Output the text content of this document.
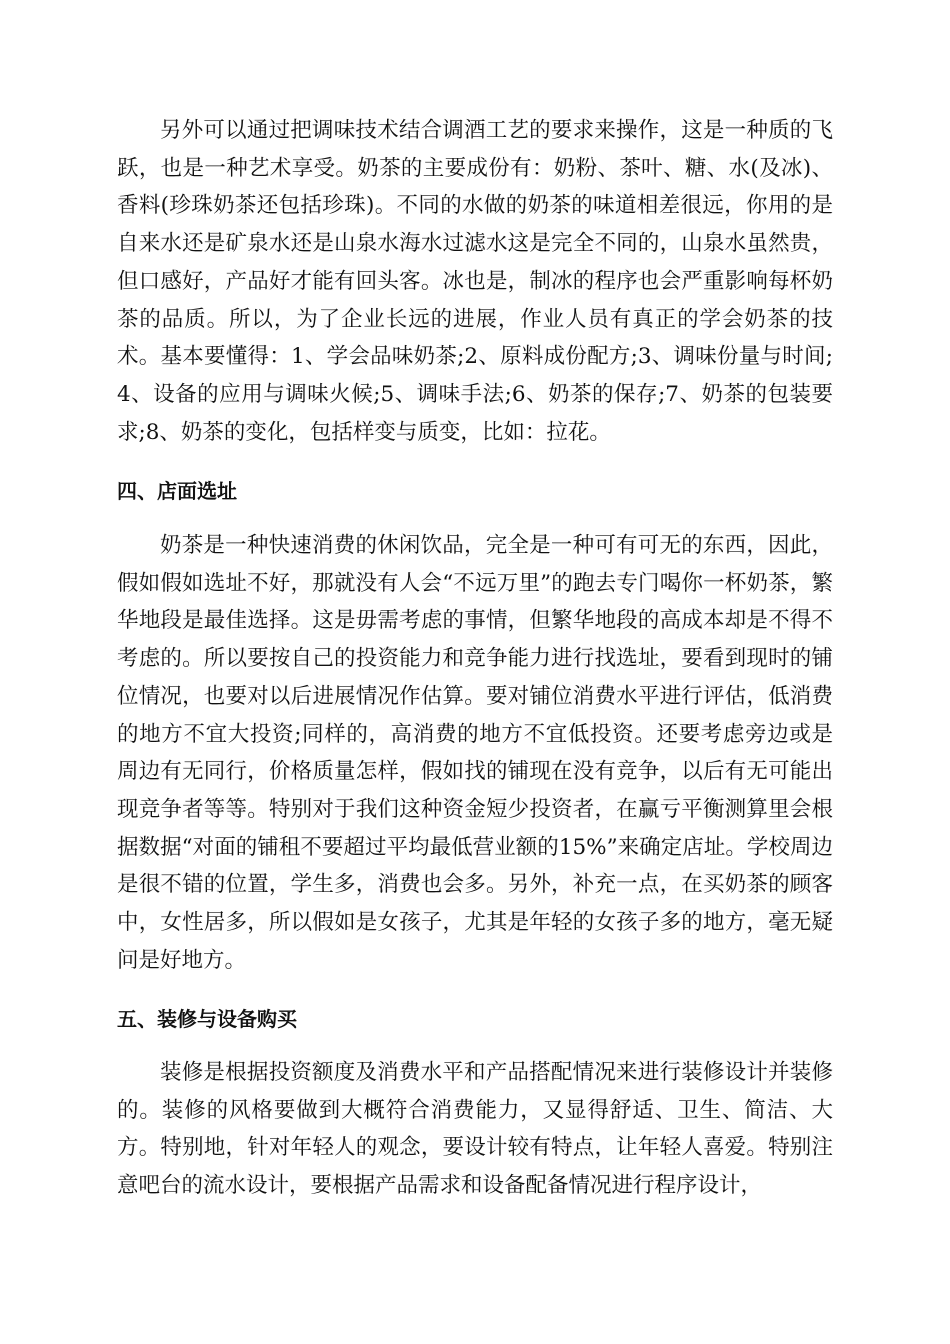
另外可以通过把调味技术结合调酒工艺的要求来操作，这是一种质的飞跃，也是一种艺术享受。奶茶的主要成份有：奶粉、茶叶、糖、水(及冰)、香料(珍珠奶茶还包括珍珠)。不同的水做的奶茶的味道相差很远，你用的是自来水还是矿泉水还是山泉水海水过滤水这是完全不同的，山泉水虽然贵，但口感好，产品好才能有回头客。冰也是，制冰的程序也会严重影响每杯奶茶的品质。所以，为了企业长远的进展，作业人员有真正的学会奶茶的技术。基本要懂得：1、学会品味奶茶;2、原料成份配方;3、调味份量与时间;4、设备的应用与调味火候;5、调味手法;6、奶茶的保存;7、奶茶的包装要求;8、奶茶的变化，包括样变与质变，比如：拉花。

四、店面选址

奶茶是一种快速消费的休闲饮品，完全是一种可有可无的东西，因此，假如假如选址不好，那就没有人会“不远万里”的跑去专门喝你一杯奶茶，繁华地段是最佳选择。这是毋需考虑的事情，但繁华地段的高成本却是不得不考虑的。所以要按自己的投资能力和竞争能力进行找选址，要看到现时的铺位情况，也要对以后进展情况作估算。要对铺位消费水平进行评估，低消费的地方不宜大投资;同样的，高消费的地方不宜低投资。还要考虑旁边或是周边有无同行，价格质量怎样，假如找的铺现在没有竞争，以后有无可能出现竞争者等等。特别对于我们这种资金短少投资者，在赢亏平衡测算里会根据数据“对面的铺租不要超过平均最低营业额的15%”来确定店址。学校周边是很不错的位置，学生多，消费也会多。另外，补充一点，在买奶茶的顾客中，女性居多，所以假如是女孩子，尤其是年轻的女孩子多的地方，毫无疑问是好地方。

五、装修与设备购买

装修是根据投资额度及消费水平和产品搭配情况来进行装修设计并装修的。装修的风格要做到大概符合消费能力，又显得舒适、卫生、简洁、大方。特别地，针对年轻人的观念，要设计较有特点，让年轻人喜爱。特别注意吧台的流水设计，要根据产品需求和设备配备情况进行程序设计，
